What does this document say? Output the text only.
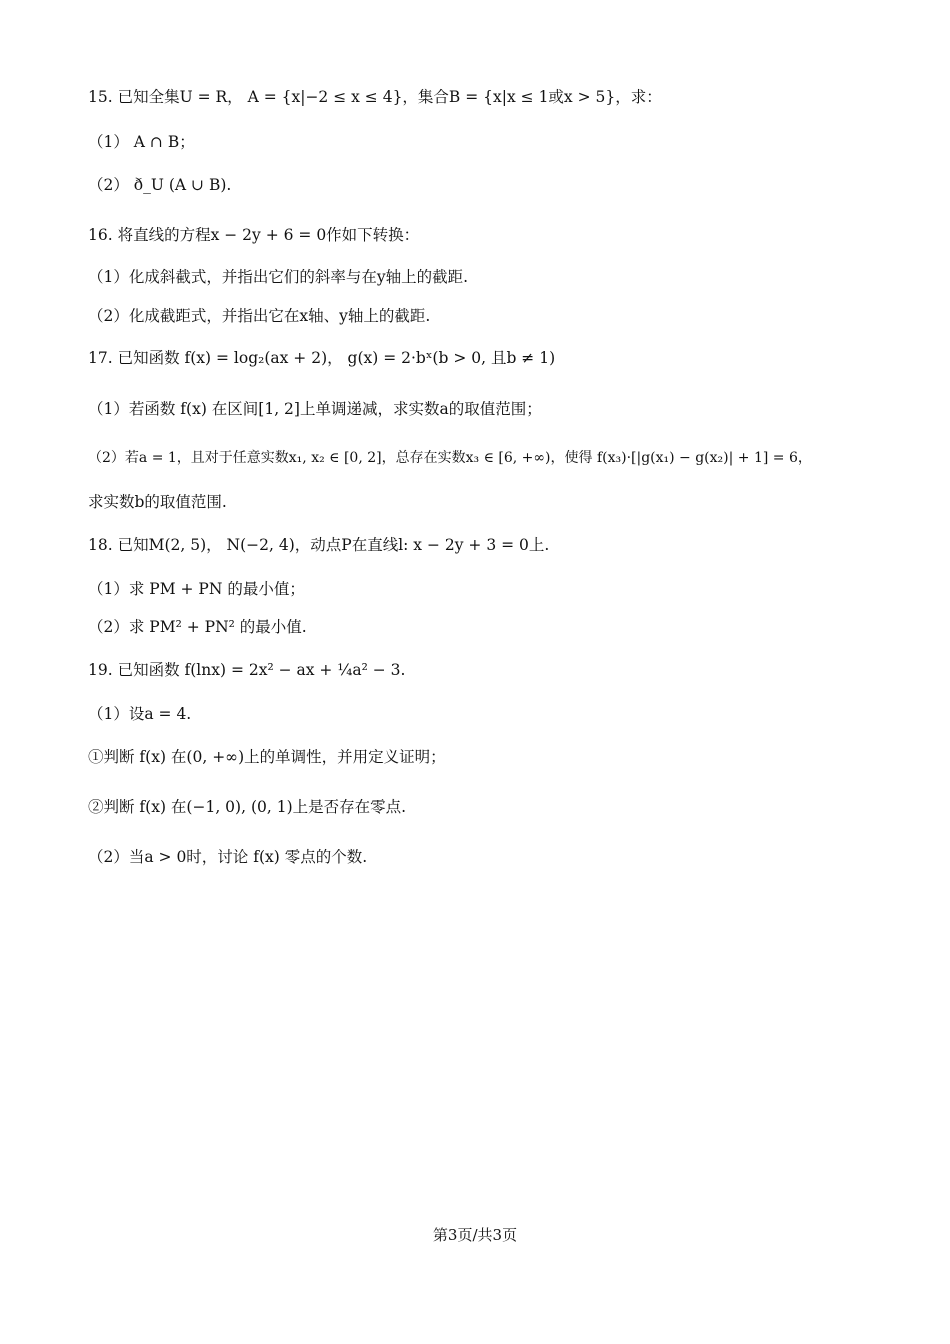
15. 已知全集U = R， A = {x|−2 ≤ x ≤ 4}，集合B = {x|x ≤ 1或x > 5}，求：
（1） A ∩ B；
（2） ð_U (A ∪ B).
16. 将直线的方程x − 2y + 6 = 0作如下转换：
（1）化成斜截式，并指出它们的斜率与在y轴上的截距.
（2）化成截距式，并指出它在x轴、y轴上的截距.
17. 已知函数 f(x) = log₂(ax + 2)， g(x) = 2·bˣ(b > 0, 且b ≠ 1)
（1）若函数 f(x) 在区间[1, 2]上单调递减，求实数a的取值范围；
（2）若a = 1，且对于任意实数x₁, x₂ ∈ [0, 2]，总存在实数x₃ ∈ [6, +∞)，使得 f(x₃)·[|g(x₁) − g(x₂)| + 1] = 6，
求实数b的取值范围.
18. 已知M(2, 5)， N(−2, 4)，动点P在直线l: x − 2y + 3 = 0上.
（1）求 PM + PN 的最小值；
（2）求 PM² + PN² 的最小值.
19. 已知函数 f(lnx) = 2x² − ax + ¼a² − 3.
（1）设a = 4.
①判断 f(x) 在(0, +∞)上的单调性，并用定义证明；
②判断 f(x) 在(−1, 0), (0, 1)上是否存在零点.
（2）当a > 0时，讨论 f(x) 零点的个数.
第3页/共3页
